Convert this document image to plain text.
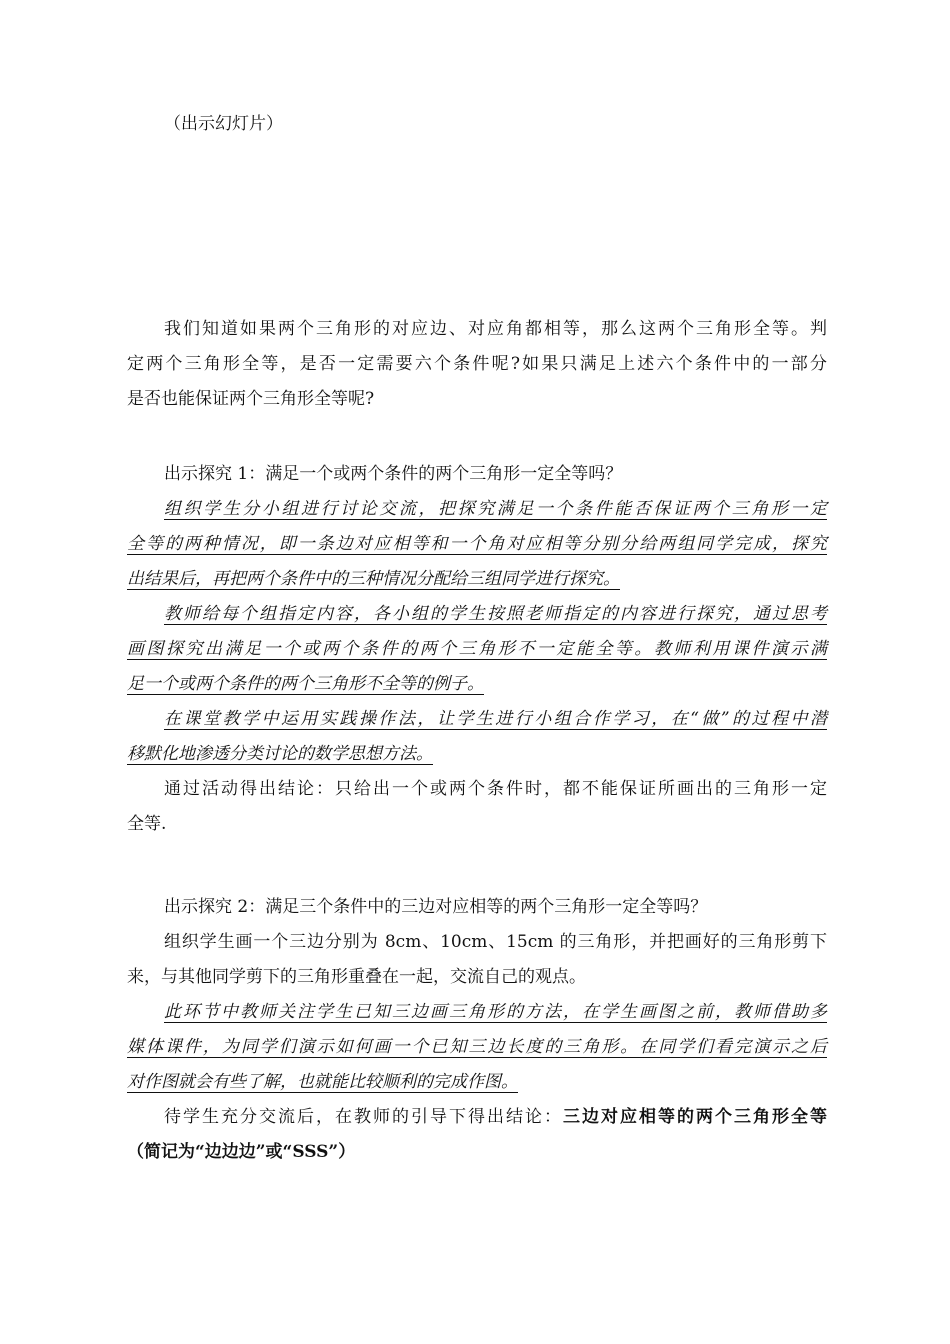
（出示幻灯片）
我们知道如果两个三角形的对应边、对应角都相等，那么这两个三角形全等。判
定两个三角形全等，是否一定需要六个条件呢?如果只满足上述六个条件中的一部分
是否也能保证两个三角形全等呢?
出示探究 1：满足一个或两个条件的两个三角形一定全等吗？
组织学生分小组进行讨论交流，把探究满足一个条件能否保证两个三角形一定
全等的两种情况，即一条边对应相等和一个角对应相等分别分给两组同学完成，探究
出结果后，再把两个条件中的三种情况分配给三组同学进行探究。
教师给每个组指定内容，各小组的学生按照老师指定的内容进行探究，通过思考
画图探究出满足一个或两个条件的两个三角形不一定能全等。教师利用课件演示满
足一个或两个条件的两个三角形不全等的例子。
在课堂教学中运用实践操作法，让学生进行小组合作学习，在“做”的过程中潜
移默化地渗透分类讨论的数学思想方法。
通过活动得出结论：只给出一个或两个条件时，都不能保证所画出的三角形一定
全等.
出示探究 2：满足三个条件中的三边对应相等的两个三角形一定全等吗？
组织学生画一个三边分别为 8cm、10cm、15cm 的三角形，并把画好的三角形剪下
来，与其他同学剪下的三角形重叠在一起，交流自己的观点。
此环节中教师关注学生已知三边画三角形的方法，在学生画图之前，教师借助多
媒体课件，为同学们演示如何画一个已知三边长度的三角形。在同学们看完演示之后
对作图就会有些了解，也就能比较顺利的完成作图。
待学生充分交流后，在教师的引导下得出结论：三边对应相等的两个三角形全等
（简记为“边边边”或“SSS”）
